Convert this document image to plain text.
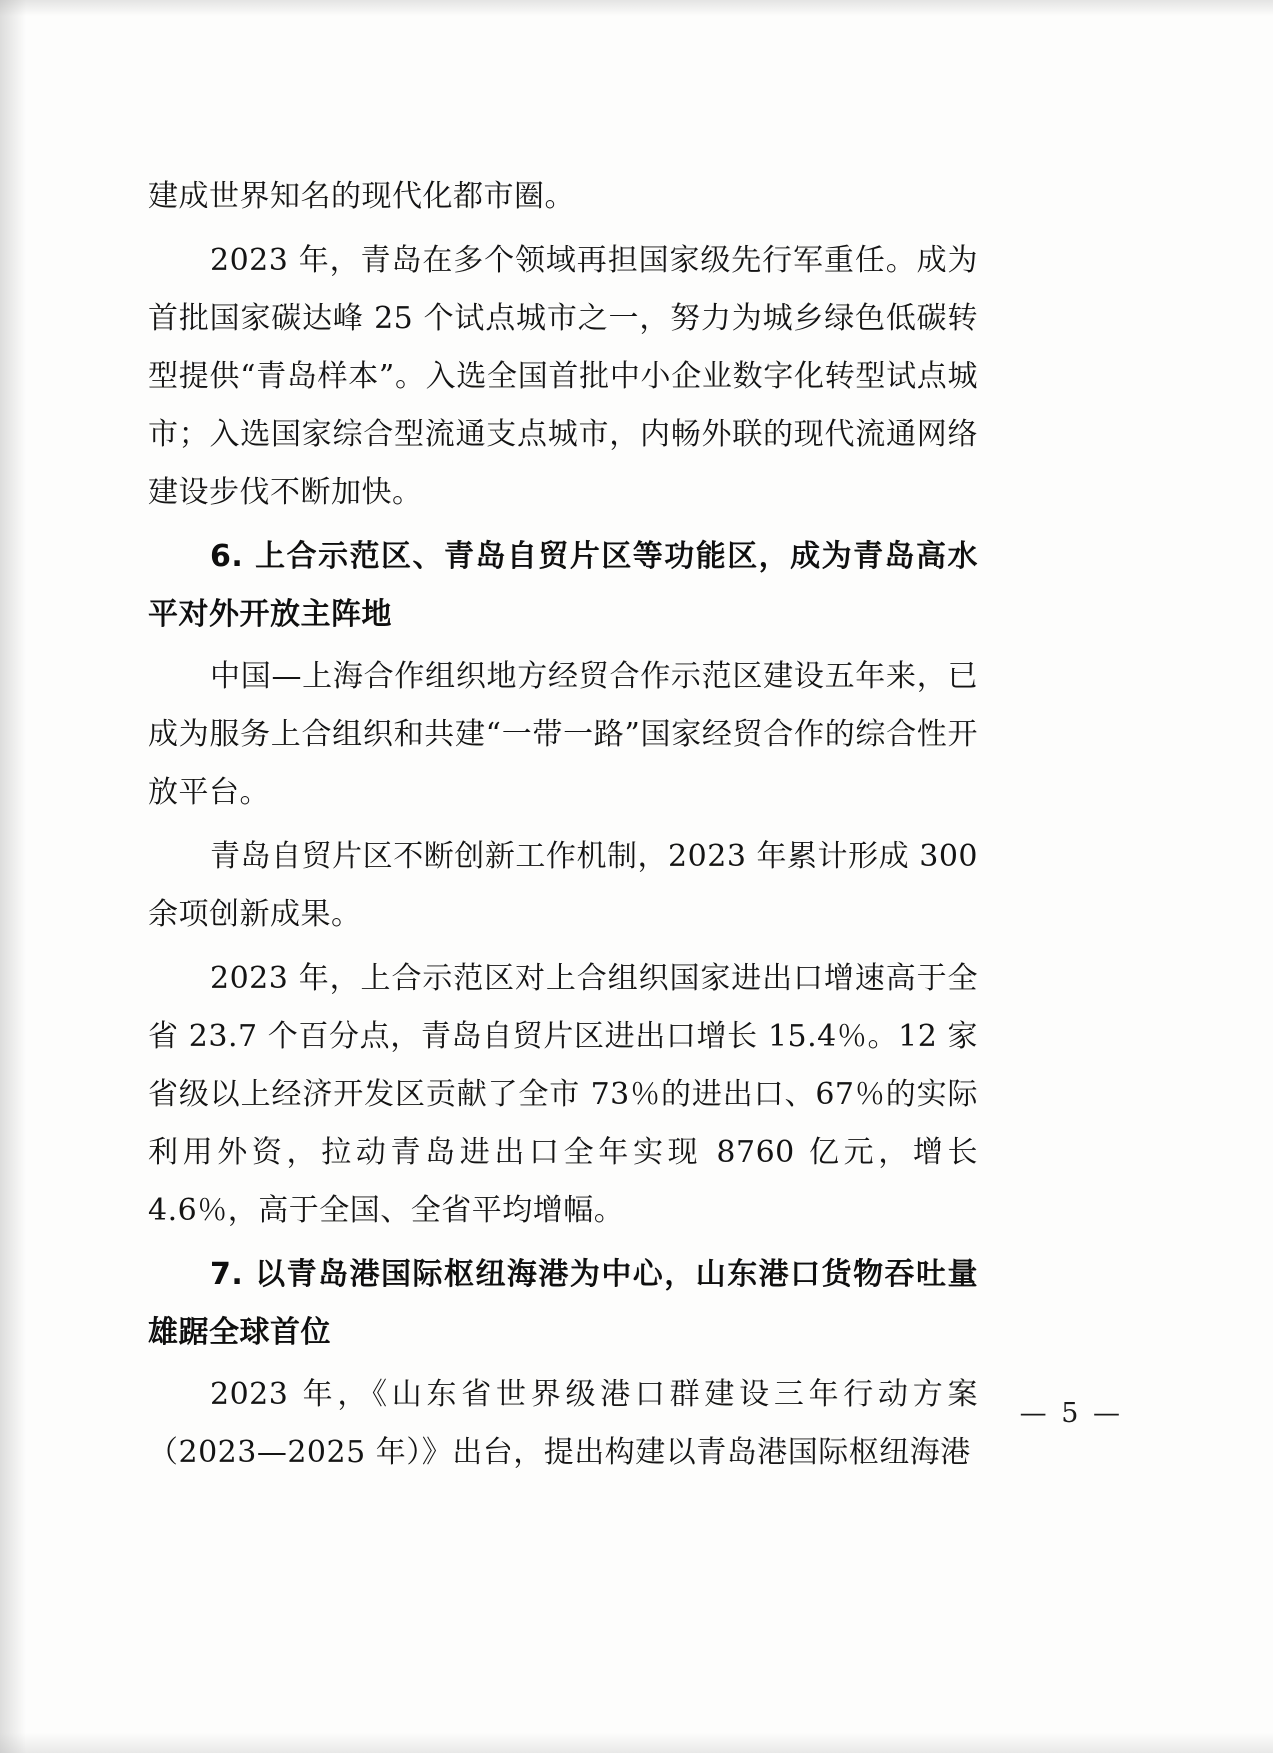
建成世界知名的现代化都市圈。

2023 年，青岛在多个领域再担国家级先行军重任。成为首批国家碳达峰 25 个试点城市之一，努力为城乡绿色低碳转型提供“青岛样本”。入选全国首批中小企业数字化转型试点城市；入选国家综合型流通支点城市，内畅外联的现代流通网络建设步伐不断加快。

6. 上合示范区、青岛自贸片区等功能区，成为青岛高水平对外开放主阵地

中国—上海合作组织地方经贸合作示范区建设五年来，已成为服务上合组织和共建“一带一路”国家经贸合作的综合性开放平台。

青岛自贸片区不断创新工作机制，2023 年累计形成 300 余项创新成果。

2023 年，上合示范区对上合组织国家进出口增速高于全省 23.7 个百分点，青岛自贸片区进出口增长 15.4％。12 家省级以上经济开发区贡献了全市 73％的进出口、67％的实际利用外资，拉动青岛进出口全年实现 8760 亿元，增长 4.6％，高于全国、全省平均增幅。

7. 以青岛港国际枢纽海港为中心，山东港口货物吞吐量雄踞全球首位

2023 年，《山东省世界级港口群建设三年行动方案（2023—2025 年）》出台，提出构建以青岛港国际枢纽海港

— 5 —
